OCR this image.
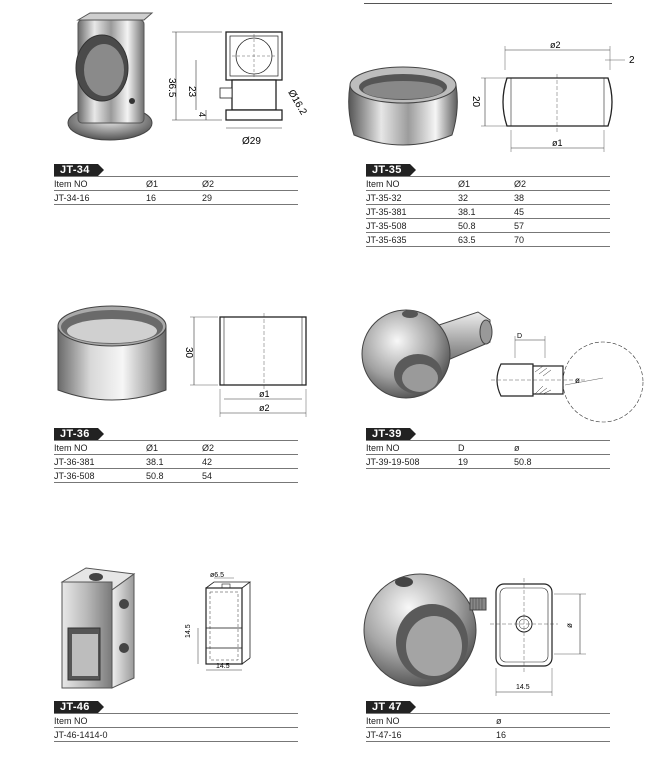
36.5 23
4	Ø16.2
Ø29
JT-34
Item NO	Ø1	Ø2
JT-34-16	16	29
ø2
2
20
ø1
JT-35
Item NO	Ø1	Ø2
JT-35-32	32	38
JT-35-381	38.1	45
JT-35-508	50.8	57
JT-35-635	63.5	70
30
ø1
ø2
JT-36
Item NO	Ø1	Ø2
JT-36-381	38.1	42
JT-36-508	50.8	54
D
ø
JT-39
Item NO	D	ø
JT-39-19-508	19	50.8
ø6.5
14.5
14.5
JT-46
Item NO
JT-46-1414-0
ø
14.5
JT 47
Item NO	ø
JT-47-16	16
